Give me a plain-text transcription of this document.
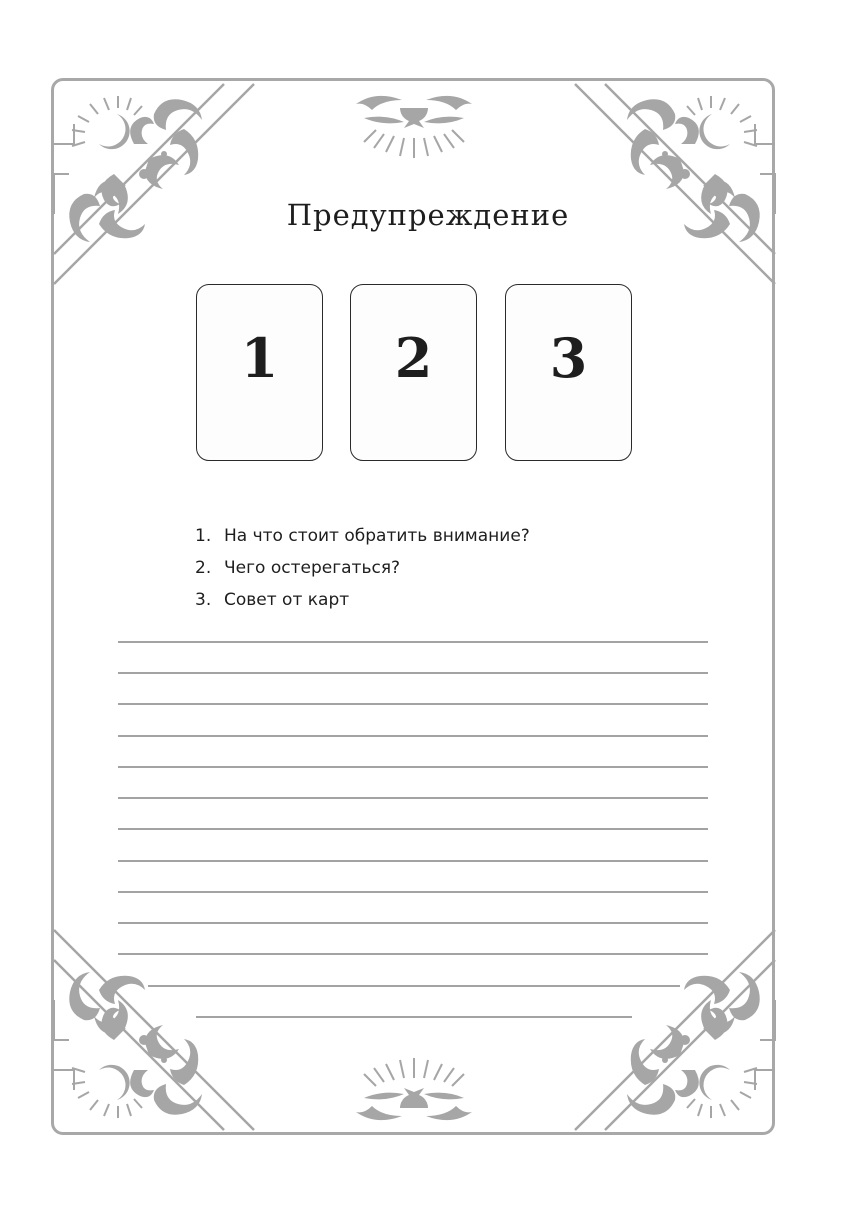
Предупреждение
1 2 3
1. На что стоит обратить внимание?
2. Чего остерегаться?
3. Совет от карт
